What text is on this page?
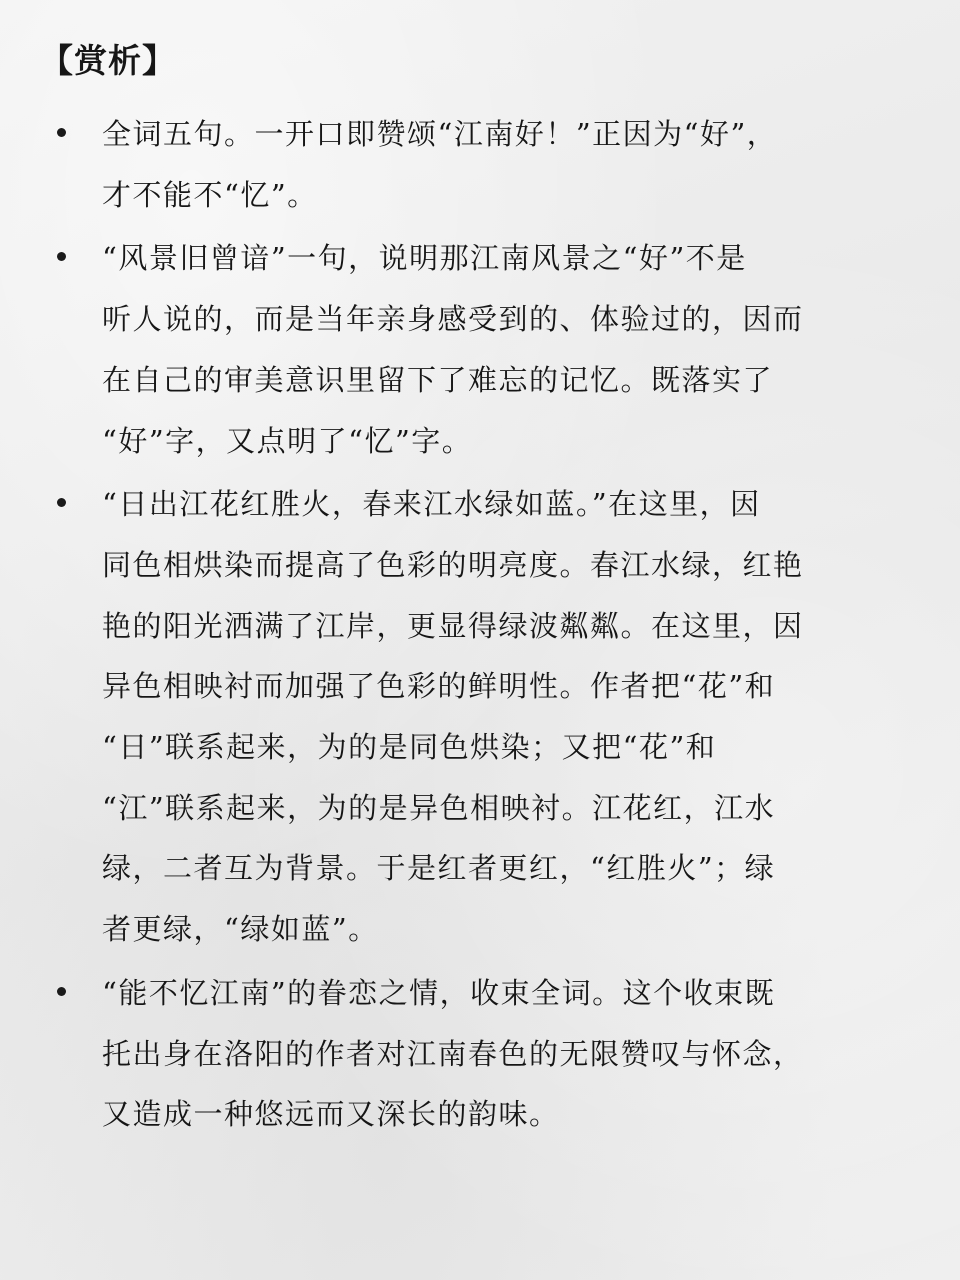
【赏析】

全词五句。一开口即赞颂“江南好！”正因为“好”，
才不能不“忆”。

“风景旧曾谙”一句，说明那江南风景之“好”不是
听人说的，而是当年亲身感受到的、体验过的，因而
在自己的审美意识里留下了难忘的记忆。既落实了
“好”字，又点明了“忆”字。

“日出江花红胜火，春来江水绿如蓝。”在这里，因
同色相烘染而提高了色彩的明亮度。春江水绿，红艳
艳的阳光洒满了江岸，更显得绿波粼粼。在这里，因
异色相映衬而加强了色彩的鲜明性。作者把“花”和
“日”联系起来，为的是同色烘染；又把“花”和
“江”联系起来，为的是异色相映衬。江花红，江水
绿，二者互为背景。于是红者更红，“红胜火”；绿
者更绿，“绿如蓝”。

“能不忆江南”的眷恋之情，收束全词。这个收束既
托出身在洛阳的作者对江南春色的无限赞叹与怀念，
又造成一种悠远而又深长的韵味。
